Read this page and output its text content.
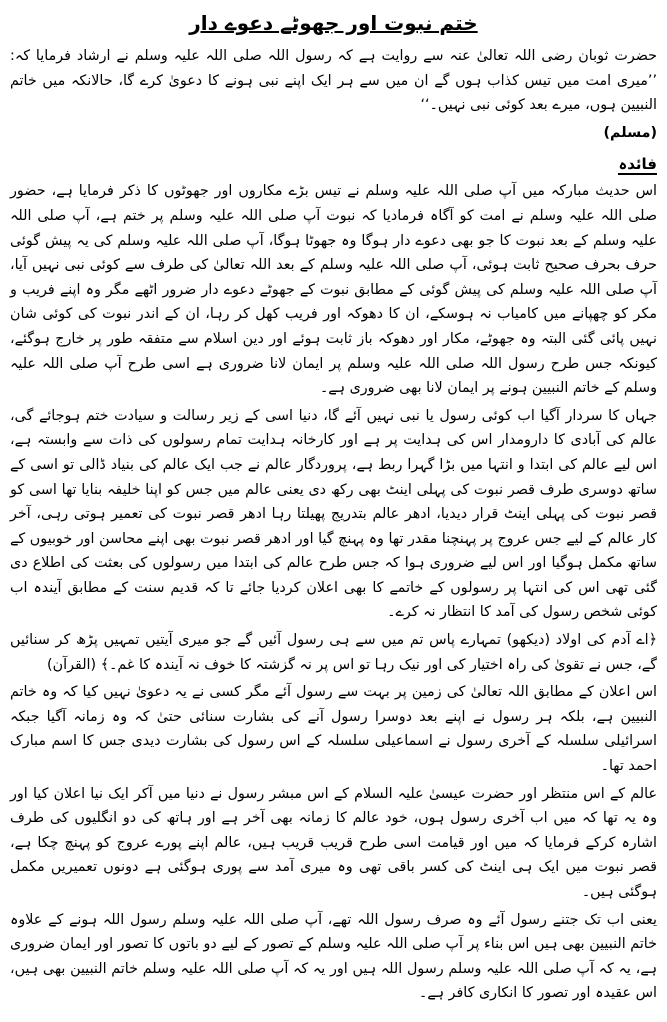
ختم نبوت اور جھوٹے دعوے دار

حضرت ثوبان رضی اللہ تعالیٰ عنہ سے روایت ہے کہ رسول اللہ صلی اللہ علیہ وسلم نے ارشاد فرمایا کہ: ’’میری امت میں تیس کذاب ہوں گے ان میں سے ہر ایک اپنے نبی ہونے کا دعویٰ کرے گا، حالانکہ میں خاتم النبیین ہوں، میرے بعد کوئی نبی نہیں۔‘‘

(مسلم)

فائدہ

اس حدیث مبارکہ میں آپ صلی اللہ علیہ وسلم نے تیس بڑے مکاروں اور جھوٹوں کا ذکر فرمایا ہے، حضور صلی اللہ علیہ وسلم نے امت کو آگاہ فرمادیا کہ نبوت آپ صلی اللہ علیہ وسلم پر ختم ہے، آپ صلی اللہ علیہ وسلم کے بعد نبوت کا جو بھی دعوے دار ہوگا وہ جھوٹا ہوگا، آپ صلی اللہ علیہ وسلم کی یہ پیش گوئی حرف بحرف صحیح ثابت ہوئی، آپ صلی اللہ علیہ وسلم کے بعد اللہ تعالیٰ کی طرف سے کوئی نبی نہیں آیا، آپ صلی اللہ علیہ وسلم کی پیش گوئی کے مطابق نبوت کے جھوٹے دعوے دار ضرور اٹھے مگر وہ اپنے فریب و مکر کو چھپانے میں کامیاب نہ ہوسکے، ان کا دھوکہ اور فریب کھل کر رہا، ان کے اندر نبوت کی کوئی شان نہیں پائی گئی البتہ وہ جھوٹے، مکار اور دھوکہ باز ثابت ہوئے اور دین اسلام سے متفقہ طور پر خارج ہوگئے، کیونکہ جس طرح رسول اللہ صلی اللہ علیہ وسلم پر ایمان لانا ضروری ہے اسی طرح آپ صلی اللہ علیہ وسلم کے خاتم النبیین ہونے پر ایمان لانا بھی ضروری ہے۔

جہاں کا سردار آگیا اب کوئی رسول یا نبی نہیں آئے گا، دنیا اسی کے زیر رسالت و سیادت ختم ہوجائے گی، عالم کی آبادی کا دارومدار اس کی ہدایت پر ہے اور کارخانہ ہدایت تمام رسولوں کی ذات سے وابستہ ہے، اس لیے عالم کی ابتدا و انتہا میں بڑا گہرا ربط ہے، پروردگار عالم نے جب ایک عالم کی بنیاد ڈالی تو اسی کے ساتھ دوسری طرف قصر نبوت کی پہلی اینٹ بھی رکھ دی یعنی عالم میں جس کو اپنا خلیفہ بنایا تھا اسی کو قصر نبوت کی پہلی اینٹ قرار دیدیا، ادھر عالم بتدریج پھیلتا رہا ادھر قصر نبوت کی تعمیر ہوتی رہی، آخر کار عالم کے لیے جس عروج پر پہنچنا مقدر تھا وہ پہنچ گیا اور ادھر قصر نبوت بھی اپنے محاسن اور خوبیوں کے ساتھ مکمل ہوگیا اور اس لیے ضروری ہوا کہ جس طرح عالم کی ابتدا میں رسولوں کی بعثت کی اطلاع دی گئی تھی اس کی انتہا پر رسولوں کے خاتمے کا بھی اعلان کردیا جائے تا کہ قدیم سنت کے مطابق آیندہ اب کوئی شخص رسول کی آمد کا انتظار نہ کرے۔

﴿اے آدم کی اولاد (دیکھو) تمہارے پاس تم میں سے ہی رسول آئیں گے جو میری آیتیں تمہیں پڑھ کر سنائیں گے، جس نے تقویٰ کی راہ اختیار کی اور نیک رہا تو اس پر نہ گزشتہ کا خوف نہ آیندہ کا غم۔﴾ (القرآن)

اس اعلان کے مطابق اللہ تعالیٰ کی زمین پر بہت سے رسول آئے مگر کسی نے یہ دعویٰ نہیں کیا کہ وہ خاتم النبیین ہے، بلکہ ہر رسول نے اپنے بعد دوسرا رسول آنے کی بشارت سنائی حتیٰ کہ وہ زمانہ آگیا جبکہ اسرائیلی سلسلہ کے آخری رسول نے اسماعیلی سلسلہ کے اس رسول کی بشارت دیدی جس کا اسم مبارک احمد تھا۔

عالم کے اس منتظر اور حضرت عیسیٰ علیہ السلام کے اس مبشر رسول نے دنیا میں آکر ایک نیا اعلان کیا اور وہ یہ تھا کہ میں اب آخری رسول ہوں، خود عالم کا زمانہ بھی آخر ہے اور ہاتھ کی دو انگلیوں کی طرف اشارہ کرکے فرمایا کہ میں اور قیامت اسی طرح قریب قریب ہیں، عالم اپنے پورے عروج کو پہنچ چکا ہے، قصر نبوت میں ایک ہی اینٹ کی کسر باقی تھی وہ میری آمد سے پوری ہوگئی ہے دونوں تعمیریں مکمل ہوگئی ہیں۔

یعنی اب تک جتنے رسول آئے وہ صرف رسول اللہ تھے، آپ صلی اللہ علیہ وسلم رسول اللہ ہونے کے علاوہ خاتم النبیین بھی ہیں اس بناء پر آپ صلی اللہ علیہ وسلم کے تصور کے لیے دو باتوں کا تصور اور ایمان ضروری ہے، یہ کہ آپ صلی اللہ علیہ وسلم رسول اللہ ہیں اور یہ کہ آپ صلی اللہ علیہ وسلم خاتم النبیین بھی ہیں، اس عقیدہ اور تصور کا انکاری کافر ہے۔
